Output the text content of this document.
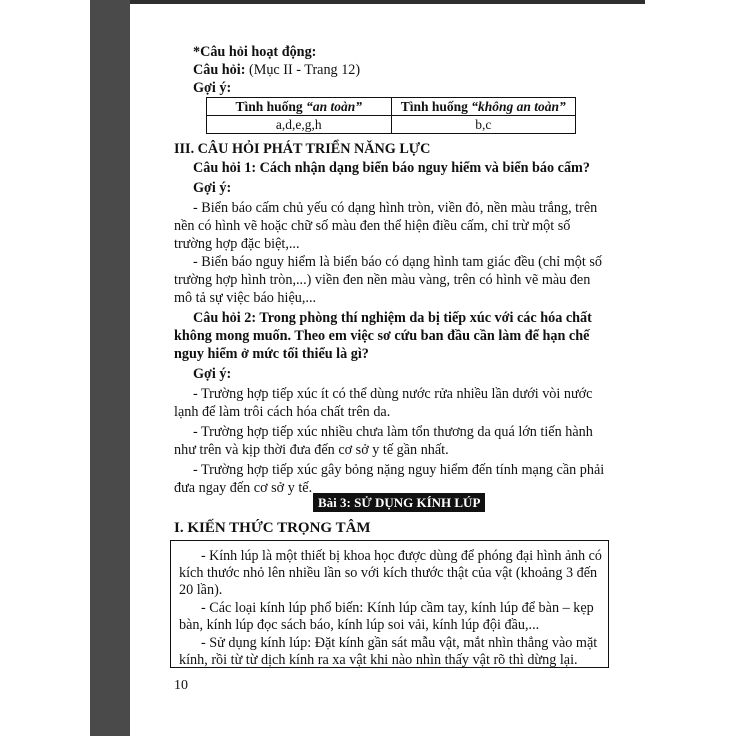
*Câu hỏi hoạt động:
Câu hỏi: (Mục II - Trang 12)
Gợi ý:
Tình huống “an toàn”	Tình huống “không an toàn”
a,d,e,g,h	b,c
III. CÂU HỎI PHÁT TRIỂN NĂNG LỰC
Câu hỏi 1: Cách nhận dạng biển báo nguy hiểm và biển báo cấm?
Gợi ý:
- Biển báo cấm chủ yếu có dạng hình tròn, viền đỏ, nền màu trắng, trên
nền có hình vẽ hoặc chữ số màu đen thể hiện điều cấm, chỉ trừ một số
trường hợp đặc biệt,...
- Biển báo nguy hiểm là biển báo có dạng hình tam giác đều (chỉ một số
trường hợp hình tròn,...) viền đen nền màu vàng, trên có hình vẽ màu đen
mô tả sự việc báo hiệu,...
Câu hỏi 2: Trong phòng thí nghiệm da bị tiếp xúc với các hóa chất
không mong muốn. Theo em việc sơ cứu ban đầu cần làm để hạn chế
nguy hiểm ở mức tối thiểu là gì?
Gợi ý:
- Trường hợp tiếp xúc ít có thể dùng nước rửa nhiều lần dưới vòi nước
lạnh để làm trôi cách hóa chất trên da.
- Trường hợp tiếp xúc nhiều chưa làm tổn thương da quá lớn tiến hành
như trên và kịp thời đưa đến cơ sở y tế gần nhất.
- Trường hợp tiếp xúc gây bỏng nặng nguy hiểm đến tính mạng cần phải
đưa ngay đến cơ sở y tế.
Bài 3: SỬ DỤNG KÍNH LÚP
I. KIẾN THỨC TRỌNG TÂM
- Kính lúp là một thiết bị khoa học được dùng để phóng đại hình ảnh có
kích thước nhỏ lên nhiều lần so với kích thước thật của vật (khoảng 3 đến
20 lần).
- Các loại kính lúp phổ biến: Kính lúp cầm tay, kính lúp để bàn – kẹp
bàn, kính lúp đọc sách báo, kính lúp soi vải, kính lúp đội đầu,...
- Sử dụng kính lúp: Đặt kính gần sát mẫu vật, mắt nhìn thẳng vào mặt
kính, rồi từ từ dịch kính ra xa vật khi nào nhìn thấy vật rõ thì dừng lại.
10
